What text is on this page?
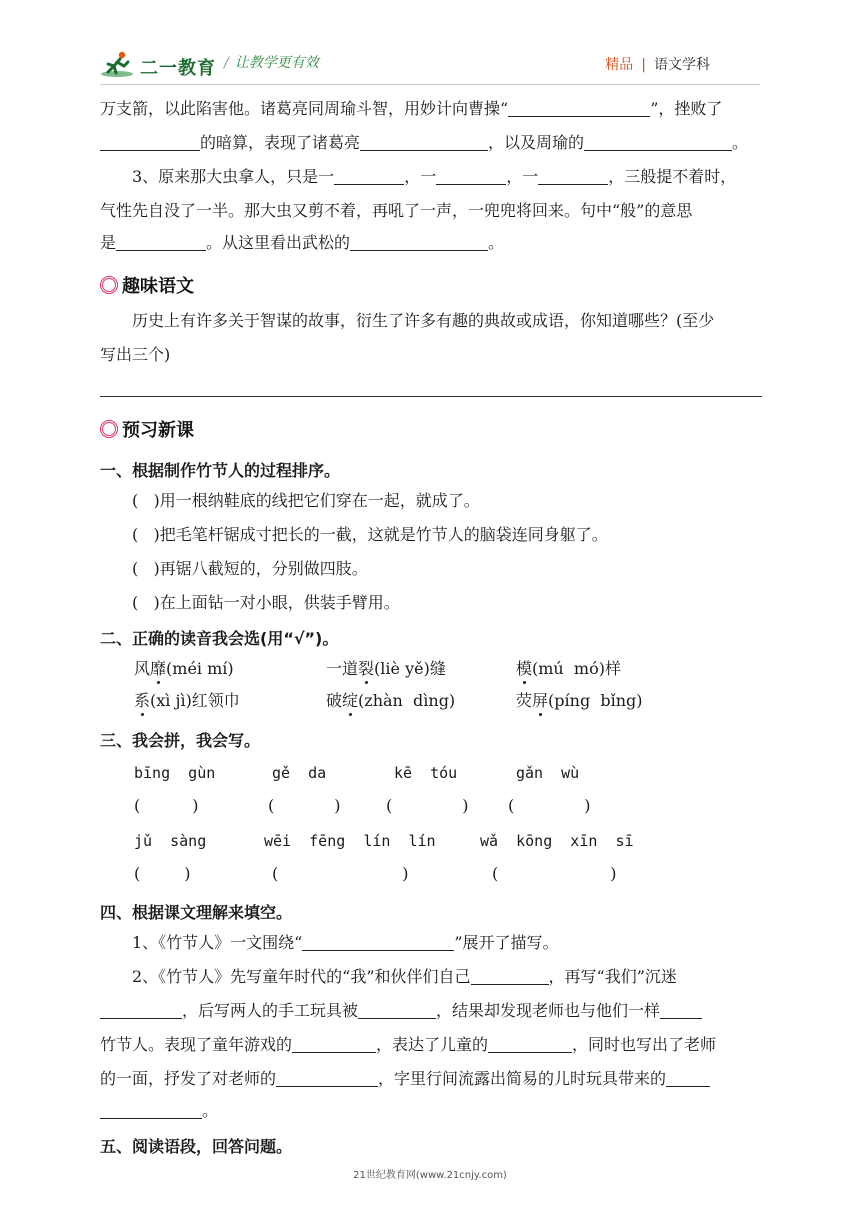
二一教育 / 让教学更有效	精品 | 语文学科
万支箭，以此陷害他。诸葛亮同周瑜斗智，用妙计向曹操“	”，挫败了
的暗算，表现了诸葛亮	，以及周瑜的	。
3、原来那大虫拿人，只是一	，一	，一	，三般提不着时，
气性先自没了一半。那大虫又剪不着，再吼了一声，一兜兜将回来。句中“般”的意思
是	。从这里看出武松的	。
趣味语文
历史上有许多关于智谋的故事，衍生了许多有趣的典故或成语，你知道哪些？(至少
写出三个)
预习新课
一、根据制作竹节人的过程排序。
(   )用一根纳鞋底的线把它们穿在一起，就成了。
(   )把毛笔杆锯成寸把长的一截，这就是竹节人的脑袋连同身躯了。
(   )再锯八截短的，分别做四肢。
(   )在上面钻一对小眼，供装手臂用。
二、正确的读音我会选(用“√”)。
风靡(méi mí)	一道裂(liè yě)缝	模(mú  mó)样
系(xì jì)红领巾	破绽(zhàn  dìng)	荧屏(píng  bǐng)
三、我会拼，我会写。
bīng  gùn	gě  da	kē  tóu	gǎn  wù
(	)	(	)	(	) (	)
jǔ  sàng	wēi  fēng  lín  lín	wǎ  kōng  xīn  sī
(	)	(	)	(	)
四、根据课文理解来填空。
1、《竹节人》一文围绕“	”展开了描写。
2、《竹节人》先写童年时代的“我”和伙伴们自己	，再写“我们”沉迷
，后写两人的手工玩具被	，结果却发现老师也与他们一样
竹节人。表现了童年游戏的	，表达了儿童的	，同时也写出了老师
的一面，抒发了对老师的	，字里行间流露出简易的儿时玩具带来的
。
五、阅读语段，回答问题。
21世纪教育网(www.21cnjy.com)
